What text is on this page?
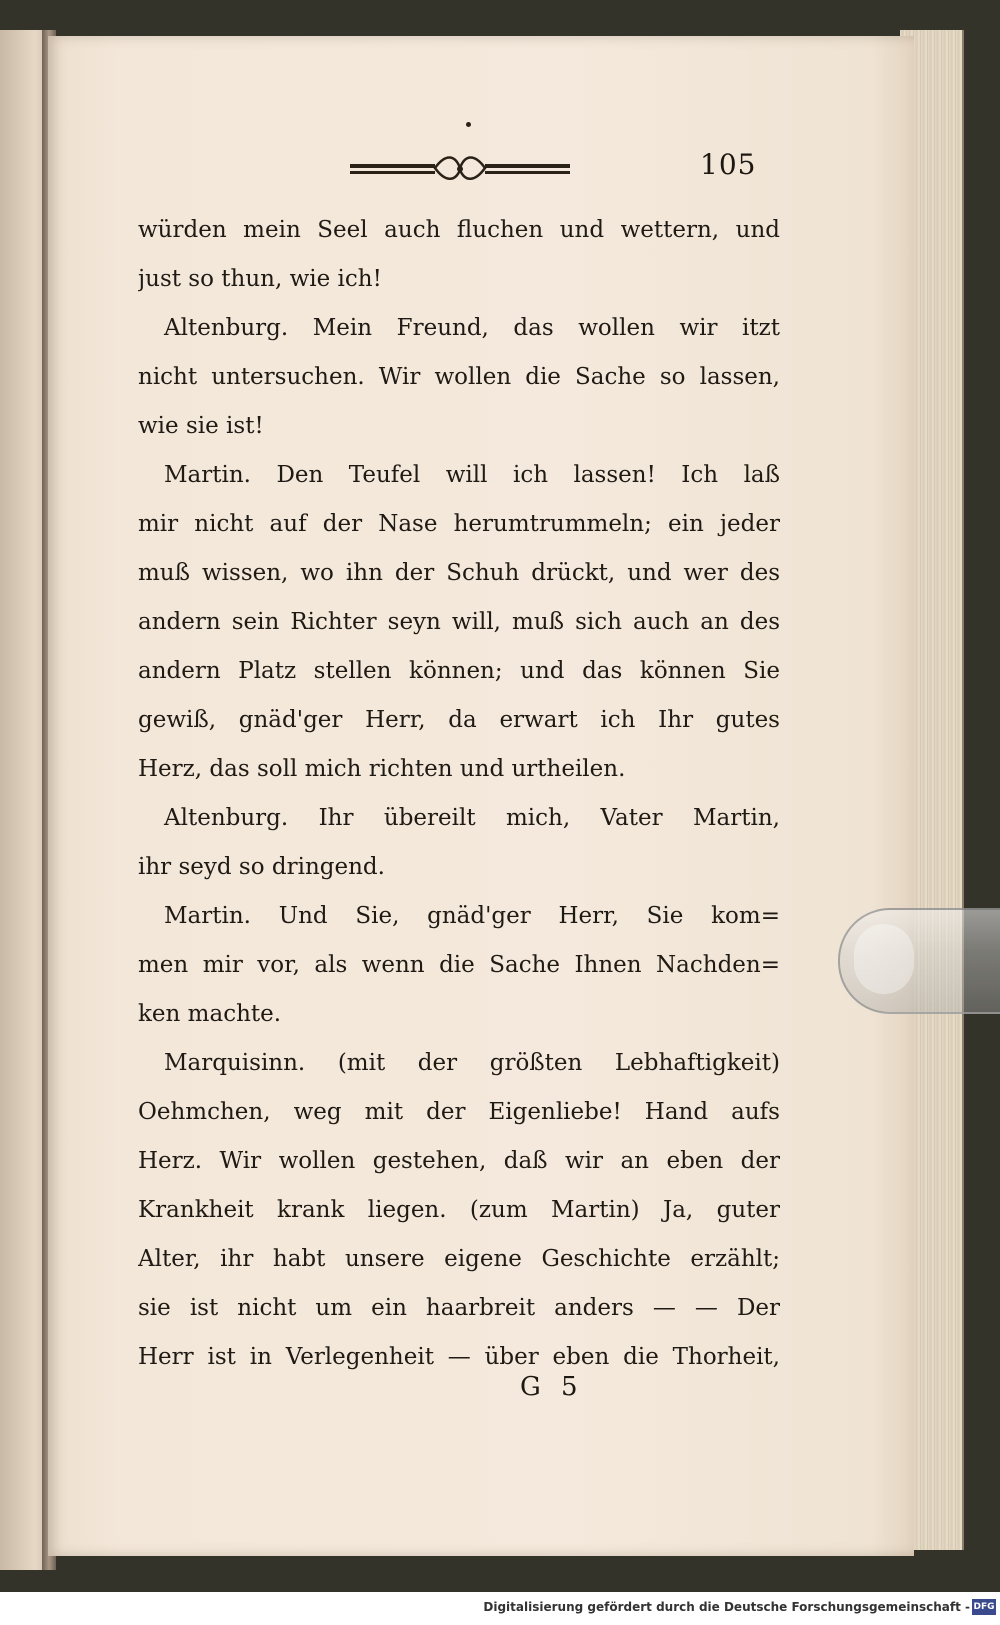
105
würden mein Seel auch fluchen und wettern, und
just so thun, wie ich!
Altenburg. Mein Freund, das wollen wir itzt
nicht untersuchen. Wir wollen die Sache so lassen,
wie sie ist!
Martin. Den Teufel will ich lassen! Ich laß
mir nicht auf der Nase herumtrummeln; ein jeder
muß wissen, wo ihn der Schuh drückt, und wer des
andern sein Richter seyn will, muß sich auch an des
andern Platz stellen können; und das können Sie
gewiß, gnäd'ger Herr, da erwart ich Ihr gutes
Herz, das soll mich richten und urtheilen.
Altenburg. Ihr übereilt mich, Vater Martin,
ihr seyd so dringend.
Martin. Und Sie, gnäd'ger Herr, Sie kom=
men mir vor, als wenn die Sache Ihnen Nachden=
ken machte.
Marquisinn. (mit der größten Lebhaftigkeit)
Oehmchen, weg mit der Eigenliebe! Hand aufs
Herz. Wir wollen gestehen, daß wir an eben der
Krankheit krank liegen. (zum Martin) Ja, guter
Alter, ihr habt unsere eigene Geschichte erzählt;
sie ist nicht um ein haarbreit anders — — Der
Herr ist in Verlegenheit — über eben die Thorheit,
G 5
Digitalisierung gefördert durch die Deutsche Forschungsgemeinschaft - DFG
